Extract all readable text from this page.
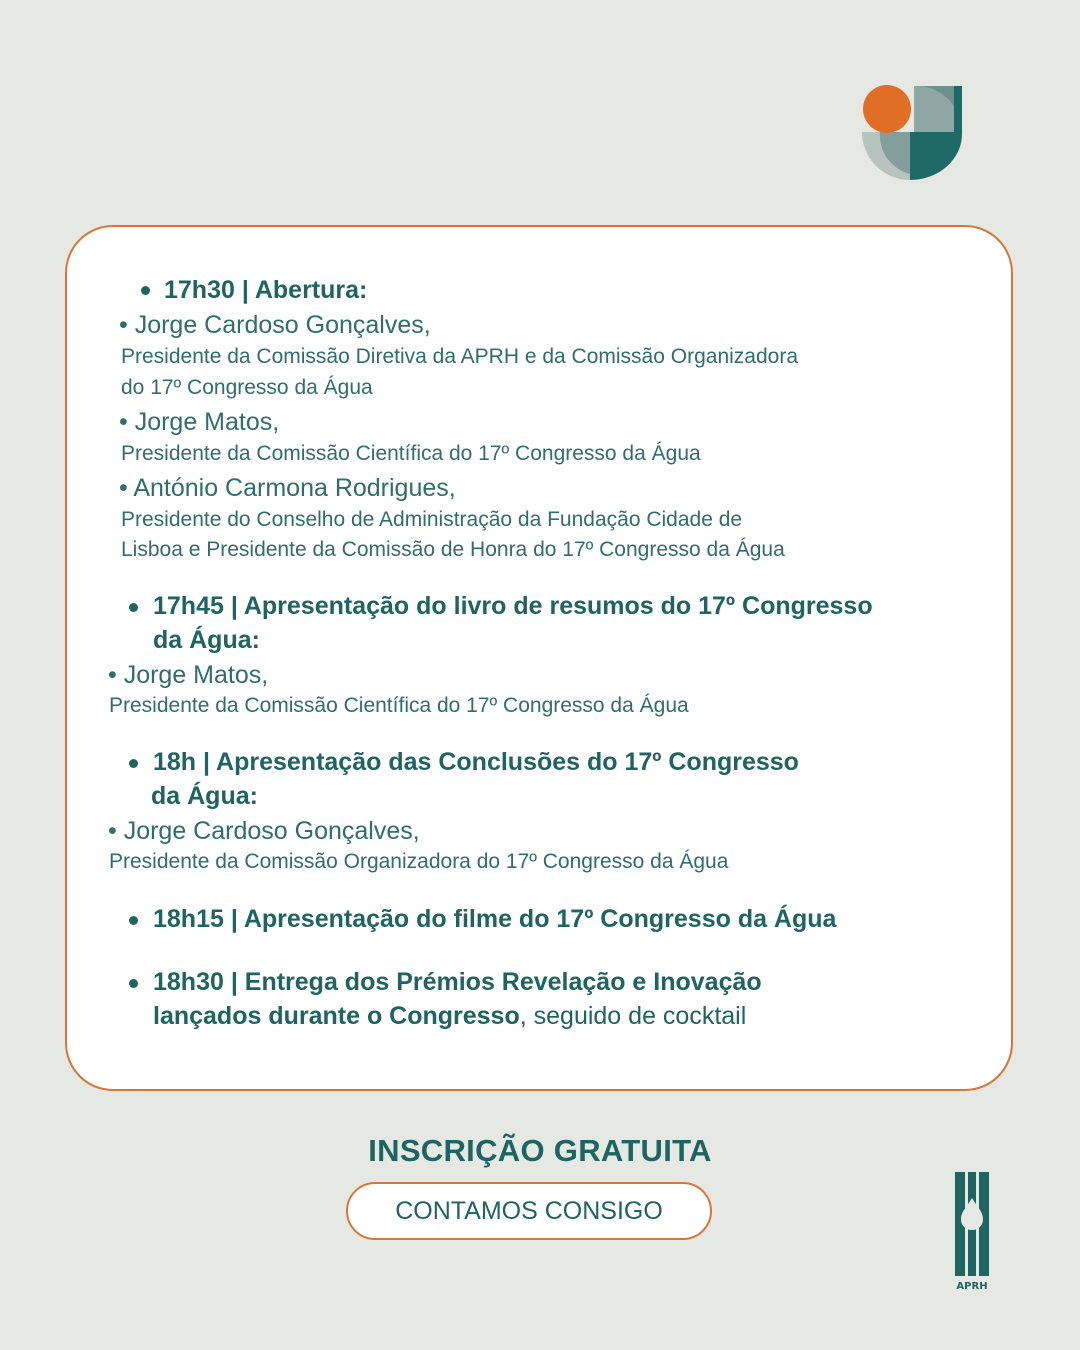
17h30 | Abertura:
• Jorge Cardoso Gonçalves,
Presidente da Comissão Diretiva da APRH e da Comissão Organizadora
do 17º Congresso da Água
• Jorge Matos,
Presidente da Comissão Científica do 17º Congresso da Água
• António Carmona Rodrigues,
Presidente do Conselho de Administração da Fundação Cidade de
Lisboa e Presidente da Comissão de Honra do 17º Congresso da Água
17h45 | Apresentação do livro de resumos do 17º Congresso
da Água:
• Jorge Matos,
Presidente da Comissão Científica do 17º Congresso da Água
18h | Apresentação das Conclusões do 17º Congresso
da Água:
• Jorge Cardoso Gonçalves,
Presidente da Comissão Organizadora do 17º Congresso da Água
18h15 | Apresentação do filme do 17º Congresso da Água
18h30 | Entrega dos Prémios Revelação e Inovação
lançados durante o Congresso, seguido de cocktail
INSCRIÇÃO GRATUITA
CONTAMOS CONSIGO
APRH
